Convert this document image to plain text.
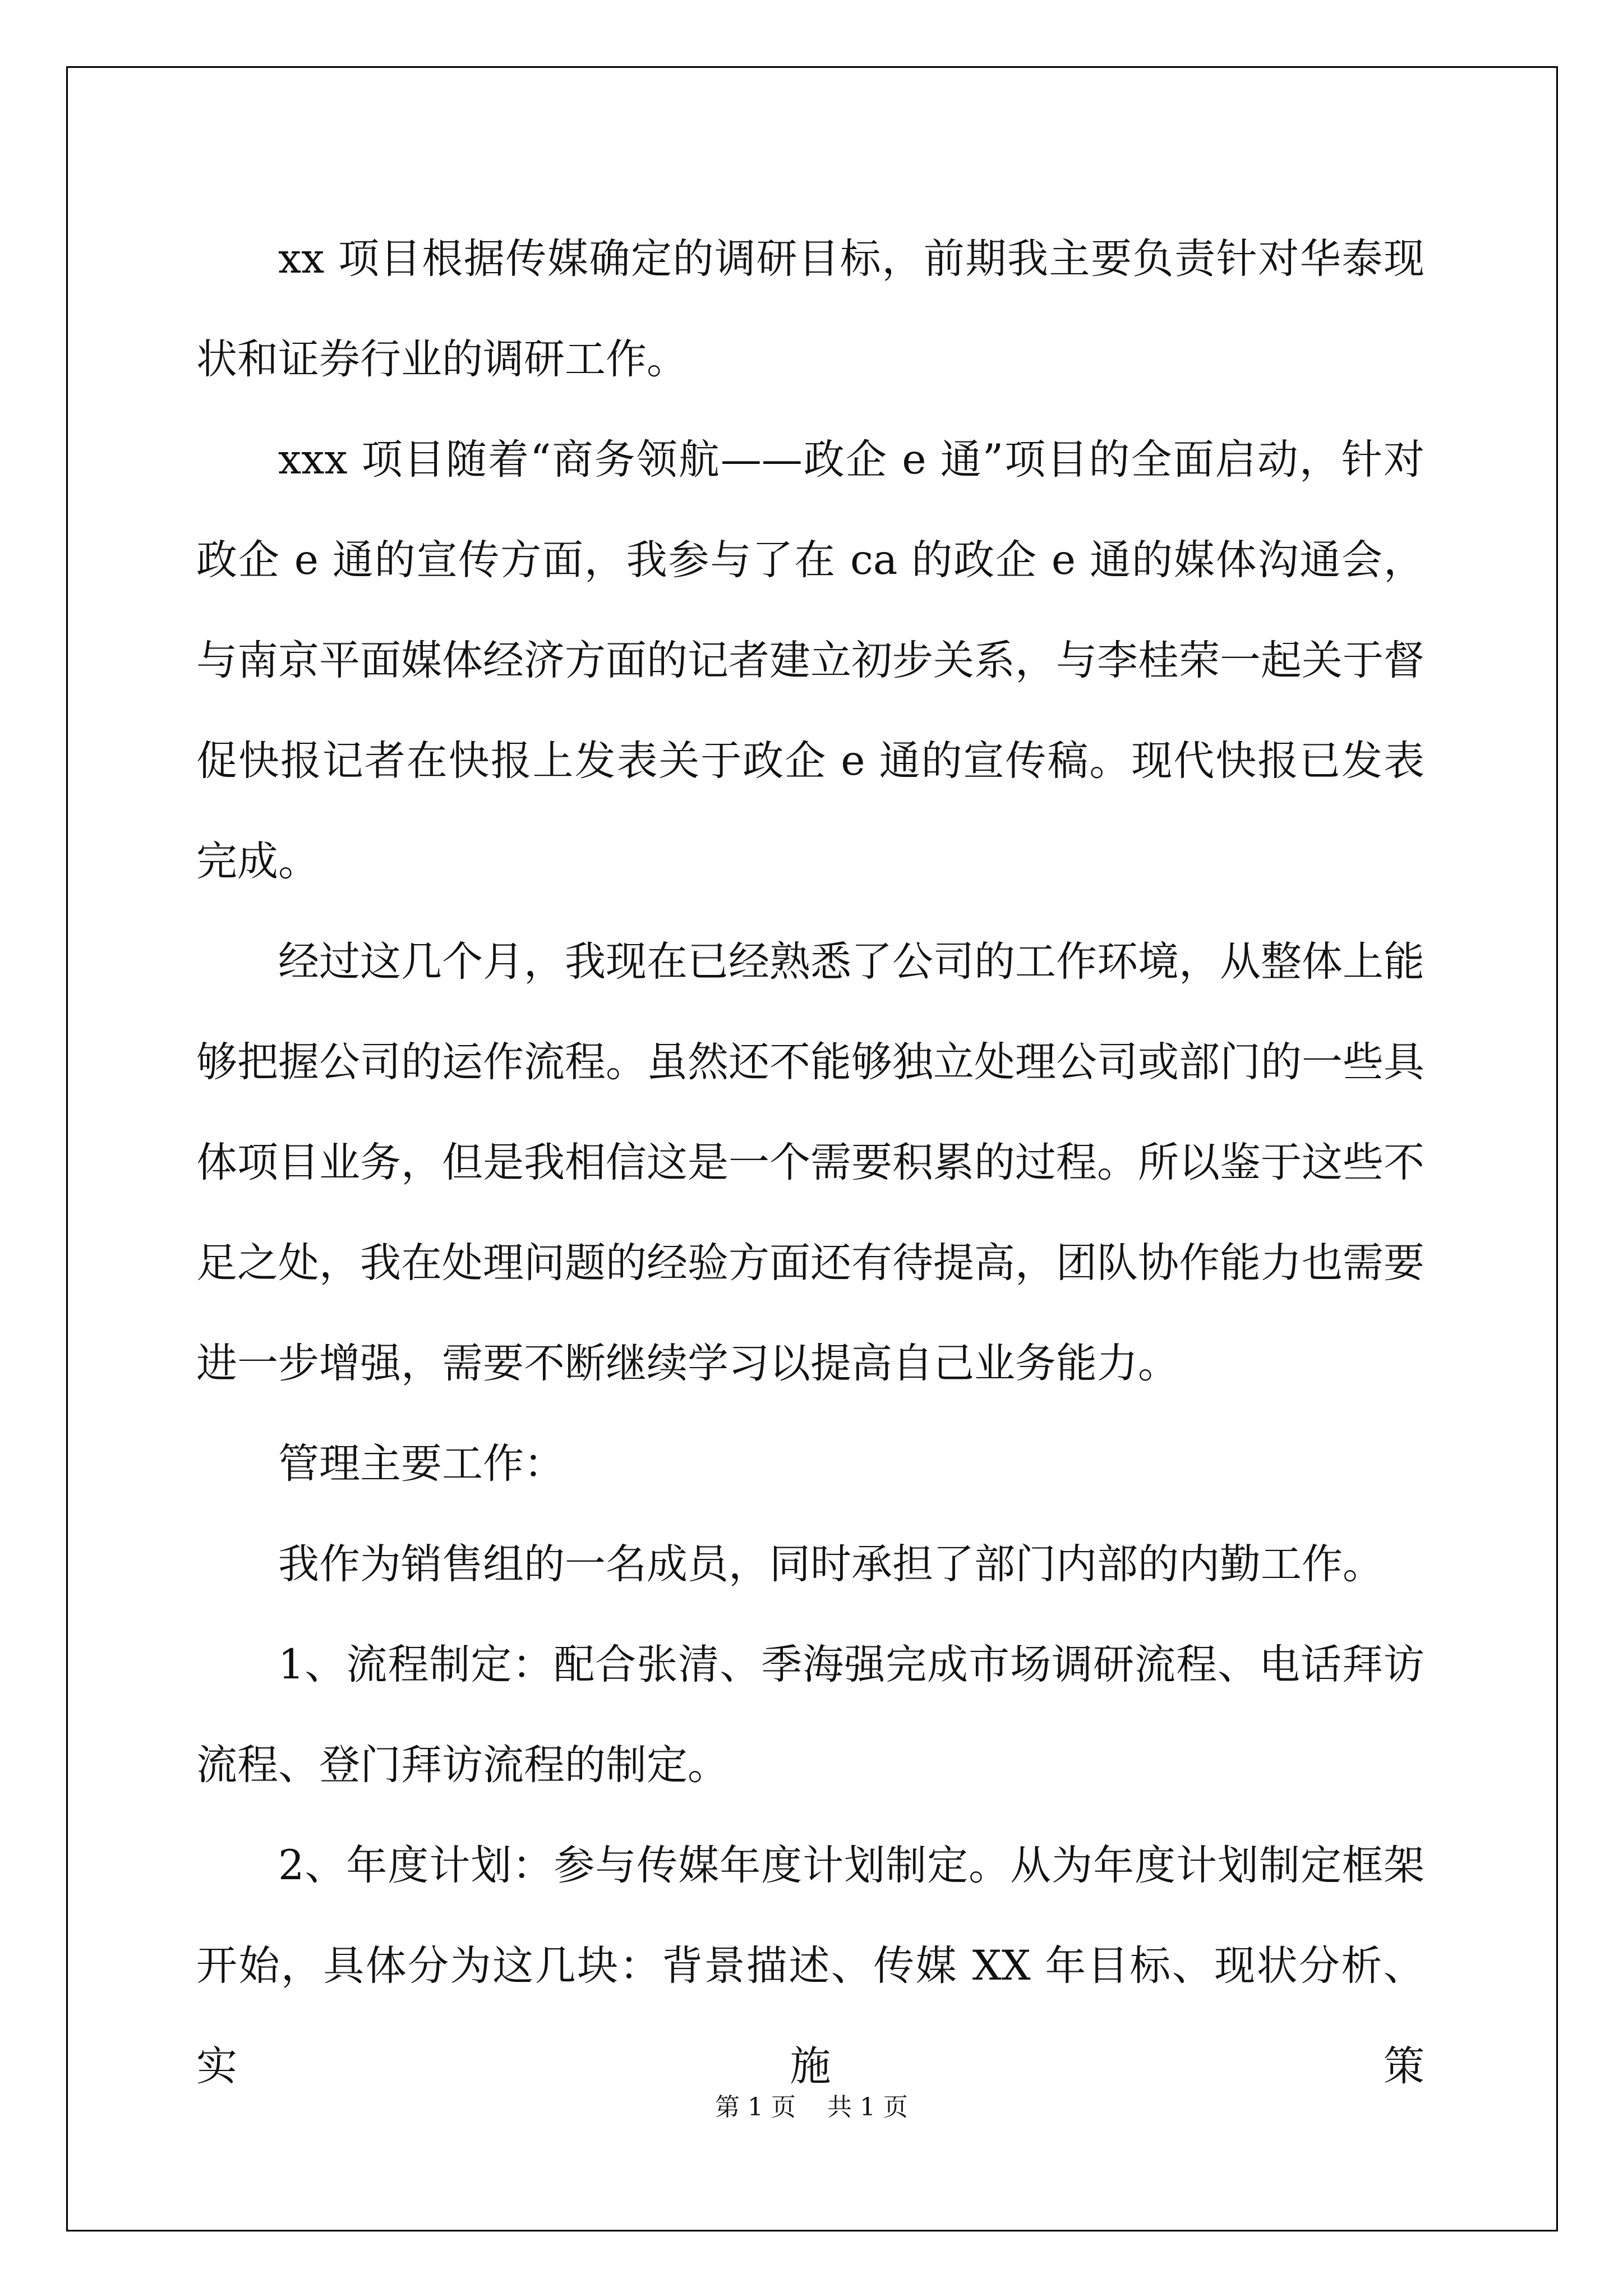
xx 项目根据传媒确定的调研目标，前期我主要负责针对华泰现状和证券行业的调研工作。

xxx 项目随着“商务领航——政企 e 通”项目的全面启动，针对政企 e 通的宣传方面，我参与了在 ca 的政企 e 通的媒体沟通会，与南京平面媒体经济方面的记者建立初步关系，与李桂荣一起关于督促快报记者在快报上发表关于政企 e 通的宣传稿。现代快报已发表完成。

经过这几个月，我现在已经熟悉了公司的工作环境，从整体上能够把握公司的运作流程。虽然还不能够独立处理公司或部门的一些具体项目业务，但是我相信这是一个需要积累的过程。所以鉴于这些不足之处，我在处理问题的经验方面还有待提高，团队协作能力也需要进一步增强，需要不断继续学习以提高自己业务能力。

管理主要工作：

我作为销售组的一名成员，同时承担了部门内部的内勤工作。

1、流程制定：配合张清、季海强完成市场调研流程、电话拜访流程、登门拜访流程的制定。

2、年度计划：参与传媒年度计划制定。从为年度计划制定框架开始，具体分为这几块：背景描述、传媒 XX 年目标、现状分析、实施策

第 1 页    共 1 页
